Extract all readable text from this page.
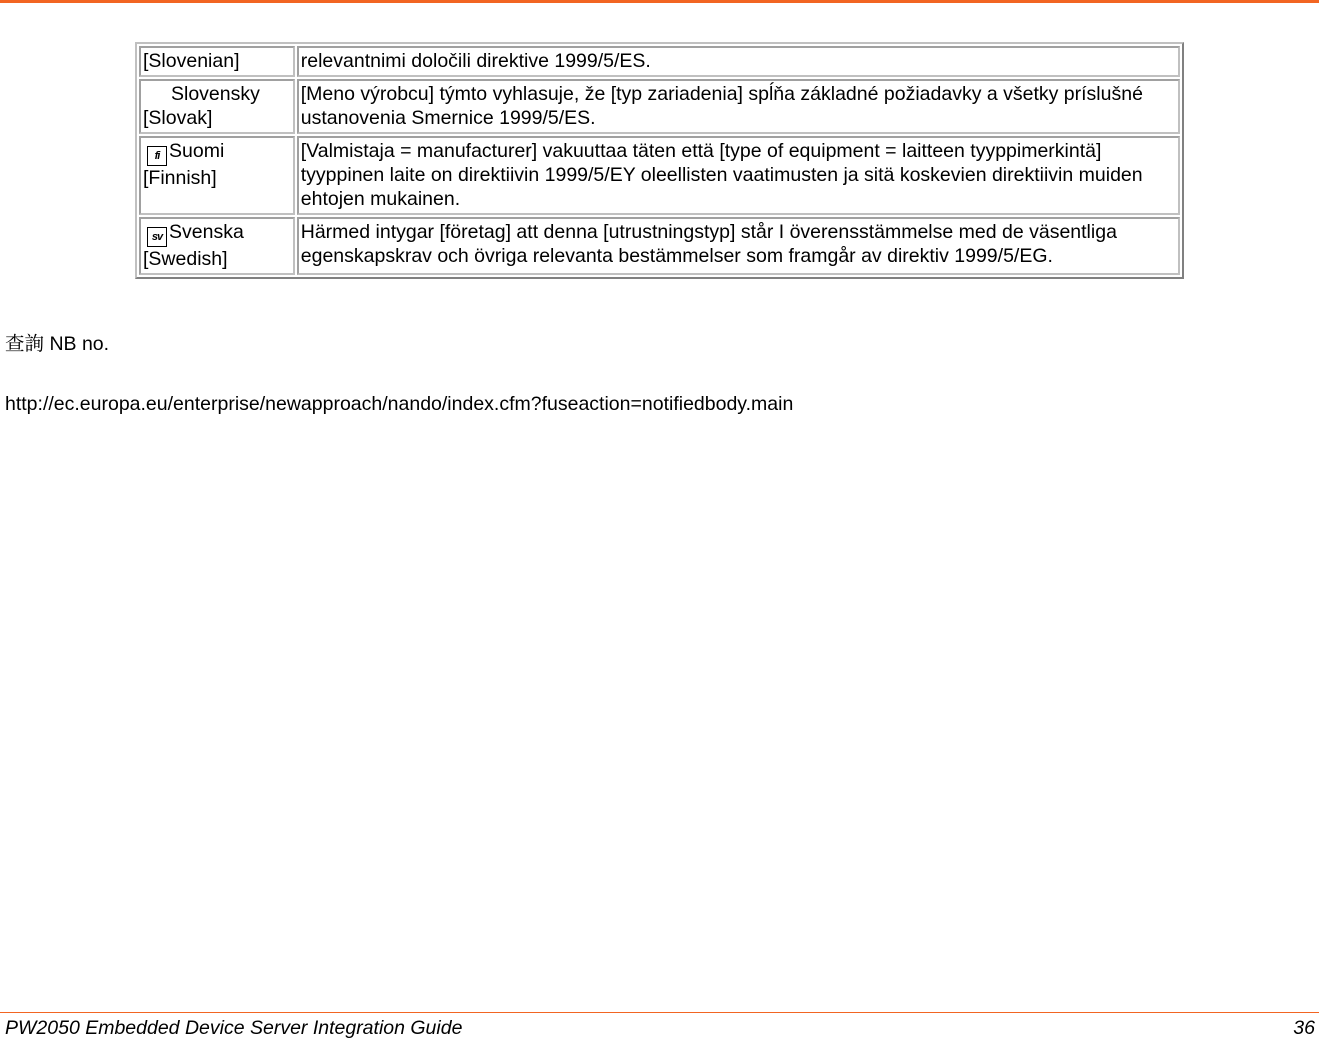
[Slovenian]	relevantnimi določili direktive 1999/5/ES.

Slovensky
[Slovak]	[Meno výrobcu] týmto vyhlasuje, že [typ zariadenia] spĺňa základné požiadavky a všetky príslušné ustanovenia Smernice 1999/5/ES.

fi Suomi
[Finnish]	[Valmistaja = manufacturer] vakuuttaa täten että [type of equipment = laitteen tyyppimerkintä] tyyppinen laite on direktiivin 1999/5/EY oleellisten vaatimusten ja sitä koskevien direktiivin muiden ehtojen mukainen.

sv Svenska
[Swedish]	Härmed intygar [företag] att denna [utrustningstyp] står I överensstämmelse med de väsentliga egenskapskrav och övriga relevanta bestämmelser som framgår av direktiv 1999/5/EG.
查詢 NB no.
http://ec.europa.eu/enterprise/newapproach/nando/index.cfm?fuseaction=notifiedbody.main
PW2050 Embedded Device Server Integration Guide	36
